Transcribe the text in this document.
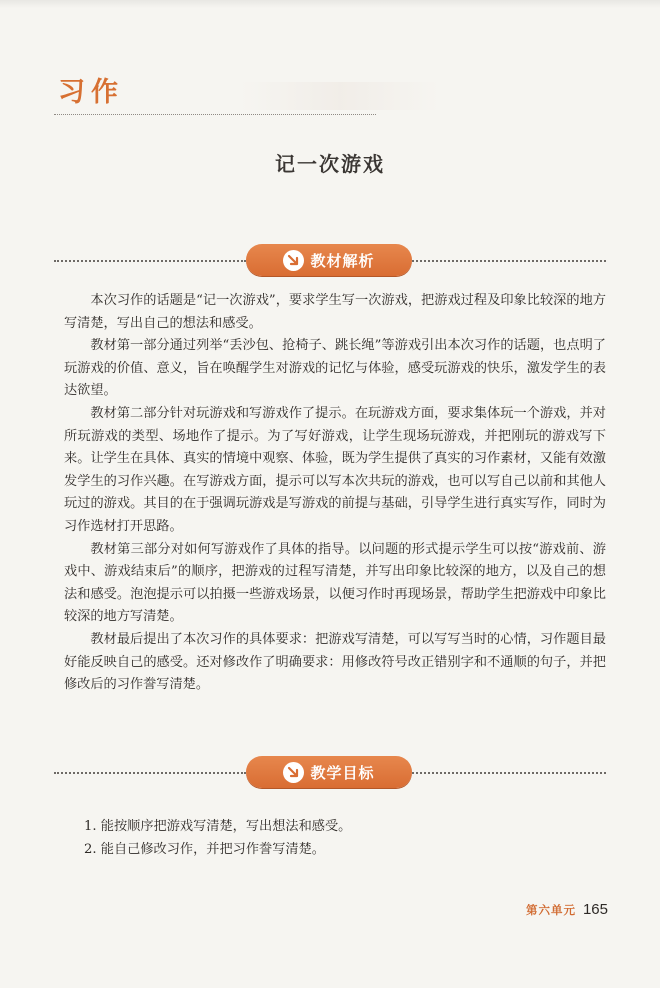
习作
记一次游戏
教材解析

本次习作的话题是“记一次游戏”，要求学生写一次游戏，把游戏过程及印象比较深的地方写清楚，写出自己的想法和感受。

教材第一部分通过列举“丢沙包、抢椅子、跳长绳”等游戏引出本次习作的话题，也点明了玩游戏的价值、意义，旨在唤醒学生对游戏的记忆与体验，感受玩游戏的快乐，激发学生的表达欲望。

教材第二部分针对玩游戏和写游戏作了提示。在玩游戏方面，要求集体玩一个游戏，并对所玩游戏的类型、场地作了提示。为了写好游戏，让学生现场玩游戏，并把刚玩的游戏写下来。让学生在具体、真实的情境中观察、体验，既为学生提供了真实的习作素材，又能有效激发学生的习作兴趣。在写游戏方面，提示可以写本次共玩的游戏，也可以写自己以前和其他人玩过的游戏。其目的在于强调玩游戏是写游戏的前提与基础，引导学生进行真实写作，同时为习作选材打开思路。

教材第三部分对如何写游戏作了具体的指导。以问题的形式提示学生可以按“游戏前、游戏中、游戏结束后”的顺序，把游戏的过程写清楚，并写出印象比较深的地方，以及自己的想法和感受。泡泡提示可以拍摄一些游戏场景，以便习作时再现场景，帮助学生把游戏中印象比较深的地方写清楚。

教材最后提出了本次习作的具体要求：把游戏写清楚，可以写写当时的心情，习作题目最好能反映自己的感受。还对修改作了明确要求：用修改符号改正错别字和不通顺的句子，并把修改后的习作誊写清楚。

教学目标
1. 能按顺序把游戏写清楚，写出想法和感受。
2. 能自己修改习作，并把习作誊写清楚。
第六单元 165
